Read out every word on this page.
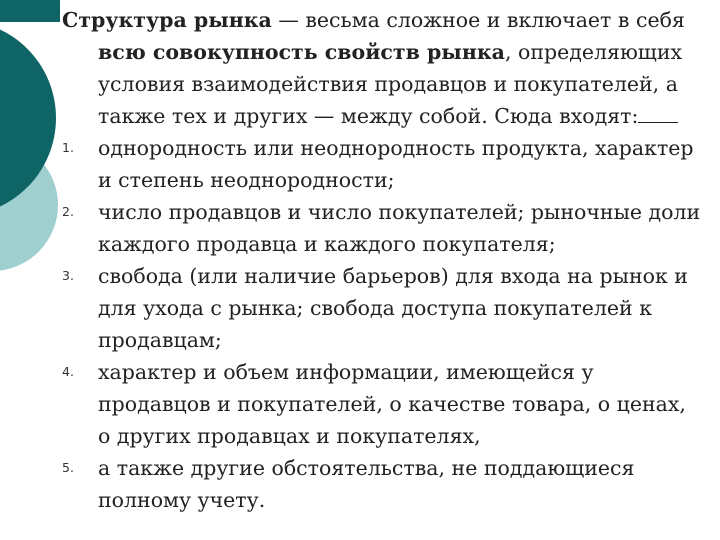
Структура рынка — весьма сложное и включает в себя всю совокупность свойств рынка, определяющих условия взаимодействия продавцов и покупателей, а также тех и других — между собой. Сюда входят:

1. однородность или неоднородность продукта, характер и степень неоднородности;
2. число продавцов и число покупателей; рыночные доли каждого продавца и каждого покупателя;
3. свобода (или наличие барьеров) для входа на рынок и для ухода с рынка; свобода доступа покупателей к продавцам;
4. характер и объем информации, имеющейся у продавцов и покупателей, о качестве товара, о ценах, о других продавцах и покупателях,
5. а также другие обстоятельства, не поддающиеся полному учету.
